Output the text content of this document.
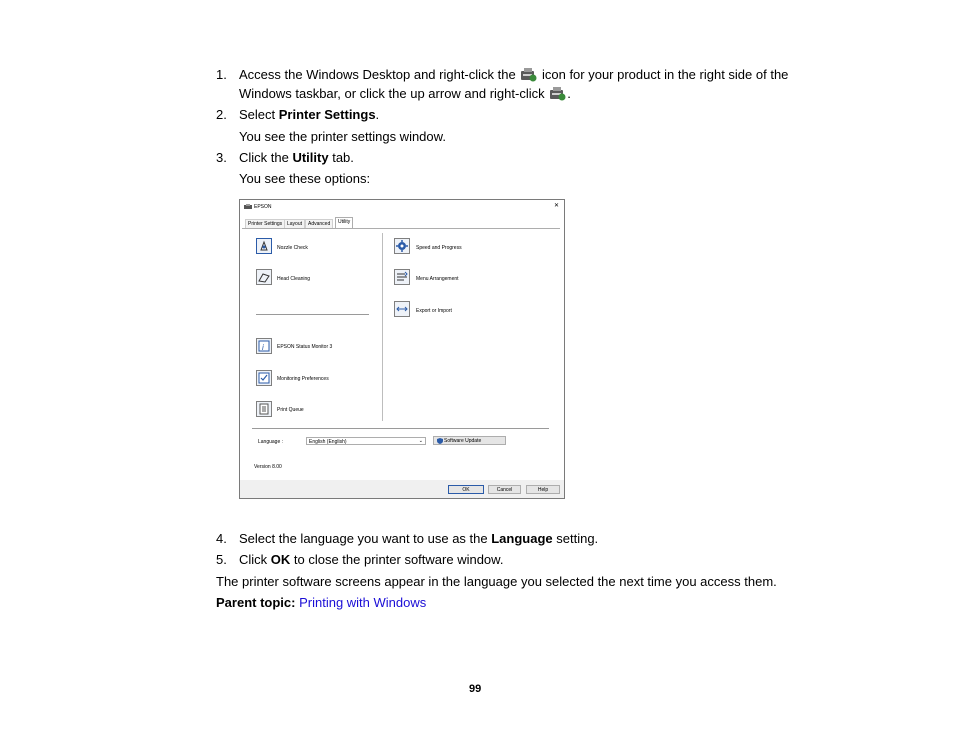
1. Access the Windows Desktop and right-click the icon for your product in the right side of the
Windows taskbar, or click the up arrow and right-click .
2. Select Printer Settings.
You see the printer settings window.
3. Click the Utility tab.
You see these options:
EPSON	✕
Printer Settings Layout	Advanced	Utility
Nozzle Check
Head Cleaning
i	EPSON Status Monitor 3
Monitoring Preferences
Print Queue
Speed and Progress
Menu Arrangement
Export or Import
Language :	English (English)	⌄	Software Update
Version 8.00
OK	Cancel	Help
4. Select the language you want to use as the Language setting.
5. Click OK to close the printer software window.
The printer software screens appear in the language you selected the next time you access them.
Parent topic: Printing with Windows
99
